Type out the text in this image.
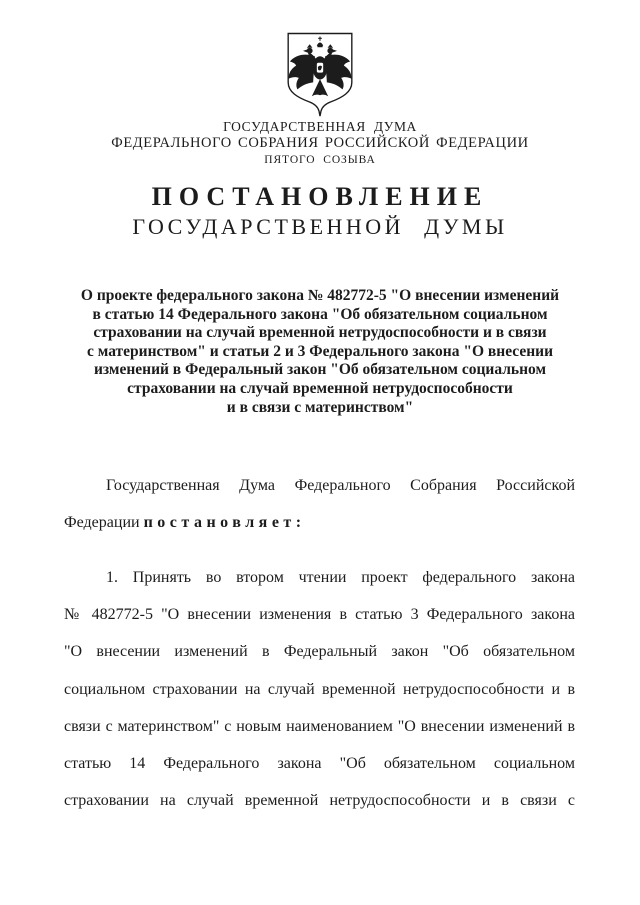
ГОСУДАРСТВЕННАЯ ДУМА
ФЕДЕРАЛЬНОГО СОБРАНИЯ РОССИЙСКОЙ ФЕДЕРАЦИИ
ПЯТОГО СОЗЫВА
ПОСТАНОВЛЕНИЕ
ГОСУДАРСТВЕННОЙ ДУМЫ
О проекте федерального закона № 482772-5 "О внесении изменений
в статью 14 Федерального закона "Об обязательном социальном
страховании на случай временной нетрудоспособности и в связи
с материнством" и статьи 2 и 3 Федерального закона "О внесении
изменений в Федеральный закон "Об обязательном социальном
страховании на случай временной нетрудоспособности
и в связи с материнством"
Государственная Дума Федерального Собрания Российской
Федерации постановляет:
1. Принять во втором чтении проект федерального закона
№ 482772-5 "О внесении изменения в статью 3 Федерального закона
"О внесении изменений в Федеральный закон "Об обязательном
социальном страховании на случай временной нетрудоспособности и в
связи с материнством" с новым наименованием "О внесении изменений в
статью 14 Федерального закона "Об обязательном социальном
страховании на случай временной нетрудоспособности и в связи с
